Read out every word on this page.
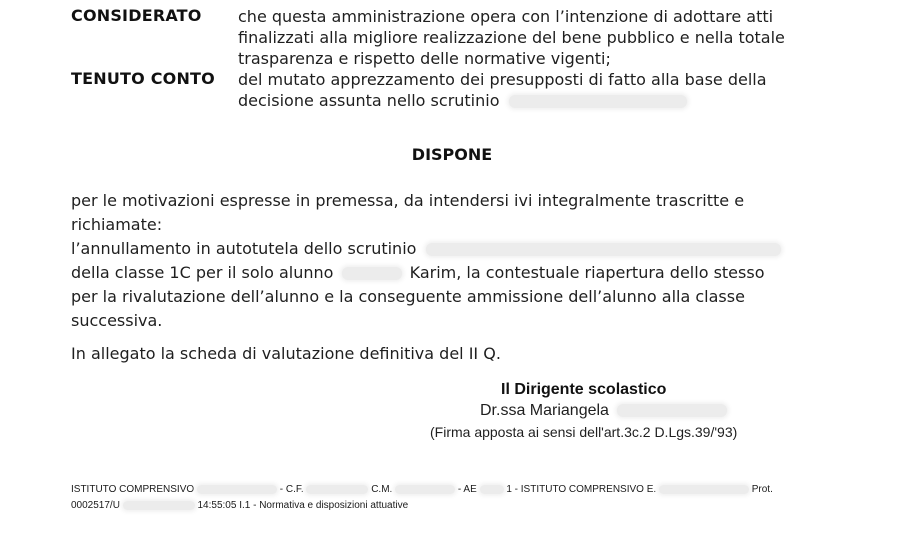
CONSIDERATO che questa amministrazione opera con l’intenzione di adottare atti
finalizzati alla migliore realizzazione del bene pubblico e nella totale
trasparenza e rispetto delle normative vigenti;
TENUTO CONTO del mutato apprezzamento dei presupposti di fatto alla base della
decisione assunta nello scrutinio
DISPONE
per le motivazioni espresse in premessa, da intendersi ivi integralmente trascritte e
richiamate:
l’annullamento in autotutela dello scrutinio
della classe 1C per il solo alunno	Karim, la contestuale riapertura dello stesso
per la rivalutazione dell’alunno e la conseguente ammissione dell’alunno alla classe
successiva.
In allegato la scheda di valutazione definitiva del II Q.
Il Dirigente scolastico
Dr.ssa Mariangela
(Firma apposta ai sensi dell'art.3c.2 D.Lgs.39/'93)
ISTITUTO COMPRENSIVO	- C.F.	C.M.	- AE	1 - ISTITUTO COMPRENSIVO E.	Prot.
0002517/U	14:55:05 I.1 - Normativa e disposizioni attuative
